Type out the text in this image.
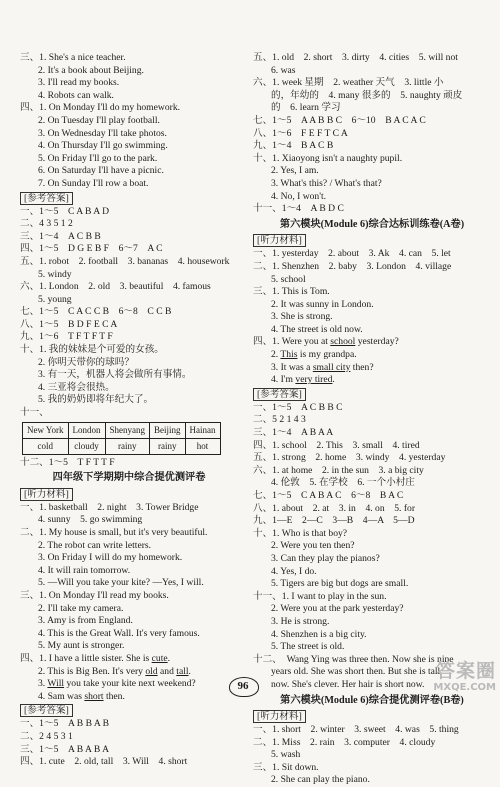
三、1. She's a nice teacher.
2. It's a book about Beijing.
3. I'll read my books.
4. Robots can walk.
四、1. On Monday I'll do my homework.
2. On Tuesday I'll play football.
3. On Wednesday I'll take photos.
4. On Thursday I'll go swimming.
5. On Friday I'll go to the park.
6. On Saturday I'll have a picnic.
7. On Sunday I'll row a boat.
[参考答案]
一、1～5　C A B A D
二、4 3 5 1 2
三、1～4　A C B B
四、1～5　D G E B F　6～7　A C
五、1. robot　2. football　3. bananas　4. housework
5. windy
六、1. London　2. old　3. beautiful　4. famous
5. young
七、1～5　C A C C B　6～8　C C B
八、1～5　B D F E C A
九、1～6　T F T F T F
十、1. 我的妹妹是个可爱的女孩。
2. 你明天带你的球吗？
3. 有一天，机器人将会做所有事情。
4. 三亚将会很热。
5. 我的奶奶即将年纪大了。
十一、
New York	London	Shenyang	Beijing	Hainan
cold	cloudy	rainy	rainy	hot
十二、1～5　T F T T F
四年级下学期期中综合提优测评卷
[听力材料]
一、1. basketball　2. night　3. Tower Bridge
4. sunny　5. go swimming
二、1. My house is small, but it's very beautiful.
2. The robot can write letters.
3. On Friday I will do my homework.
4. It will rain tomorrow.
5. —Will you take your kite? —Yes, I will.
三、1. On Monday I'll read my books.
2. I'll take my camera.
3. Amy is from England.
4. This is the Great Wall. It's very famous.
5. My aunt is stronger.
四、1. I have a little sister. She is cute.
2. This is Big Ben. It's very old and tall.
3. Will you take your kite next weekend?
4. Sam was short then.
[参考答案]
一、1～5　A B B A B
二、2 4 5 3 1
三、1～5　A B A B A
四、1. cute　2. old, tall　3. Will　4. short
五、1. old　2. short　3. dirty　4. cities　5. will not
6. was
六、1. week 星期　2. weather 天气　3. little 小
的，年幼的　4. many 很多的　5. naughty 顽皮
的　6. learn 学习
七、1～5　A A B B C　6～10　B A C A C
八、1～6　F E F T C A
九、1～4　B A C B
十、1. Xiaoyong isn't a naughty pupil.
2. Yes, I am.
3. What's this? / What's that?
4. No, I won't.
十一、1～4　A B D C
第六模块(Module 6)综合达标训练卷(A卷)
[听力材料]
一、1. yesterday　2. about　3. Ak　4. can　5. let
二、1. Shenzhen　2. baby　3. London　4. village
5. school
三、1. This is Tom.
2. It was sunny in London.
3. She is strong.
4. The street is old now.
四、1. Were you at school yesterday?
2. This is my grandpa.
3. It was a small city then?
4. I'm very tired.
[参考答案]
一、1～5　A C B B C
二、5 2 1 4 3
三、1～4　A B A A
四、1. school　2. This　3. small　4. tired
五、1. strong　2. home　3. windy　4. yesterday
六、1. at home　2. in the sun　3. a big city
4. 伦敦　5. 在学校　6. 一个小村庄
七、1～5　C A B A C　6～8　B A C
八、1. about　2. at　3. in　4. on　5. for
九、1—E　2—C　3—B　4—A　5—D
十、1. Who is that boy?
2. Were you ten then?
3. Can they play the pianos?
4. Yes, I do.
5. Tigers are big but dogs are small.
十一、1. I want to play in the sun.
2. Were you at the park yesterday?
3. He is strong.
4. Shenzhen is a big city.
5. The street is old.
十二、　Wang Ying was three then. Now she is nine
years old. She was short then. But she is tall
now. She's clever. Her hair is short now.
第六模块(Module 6)综合提优测评卷(B卷)
[听力材料]
一、1. short　2. winter　3. sweet　4. was　5. thing
二、1. Miss　2. rain　3. computer　4. cloudy
5. wash
三、1. Sit down.
2. She can play the piano.
96
答案圈
MXQE.COM
